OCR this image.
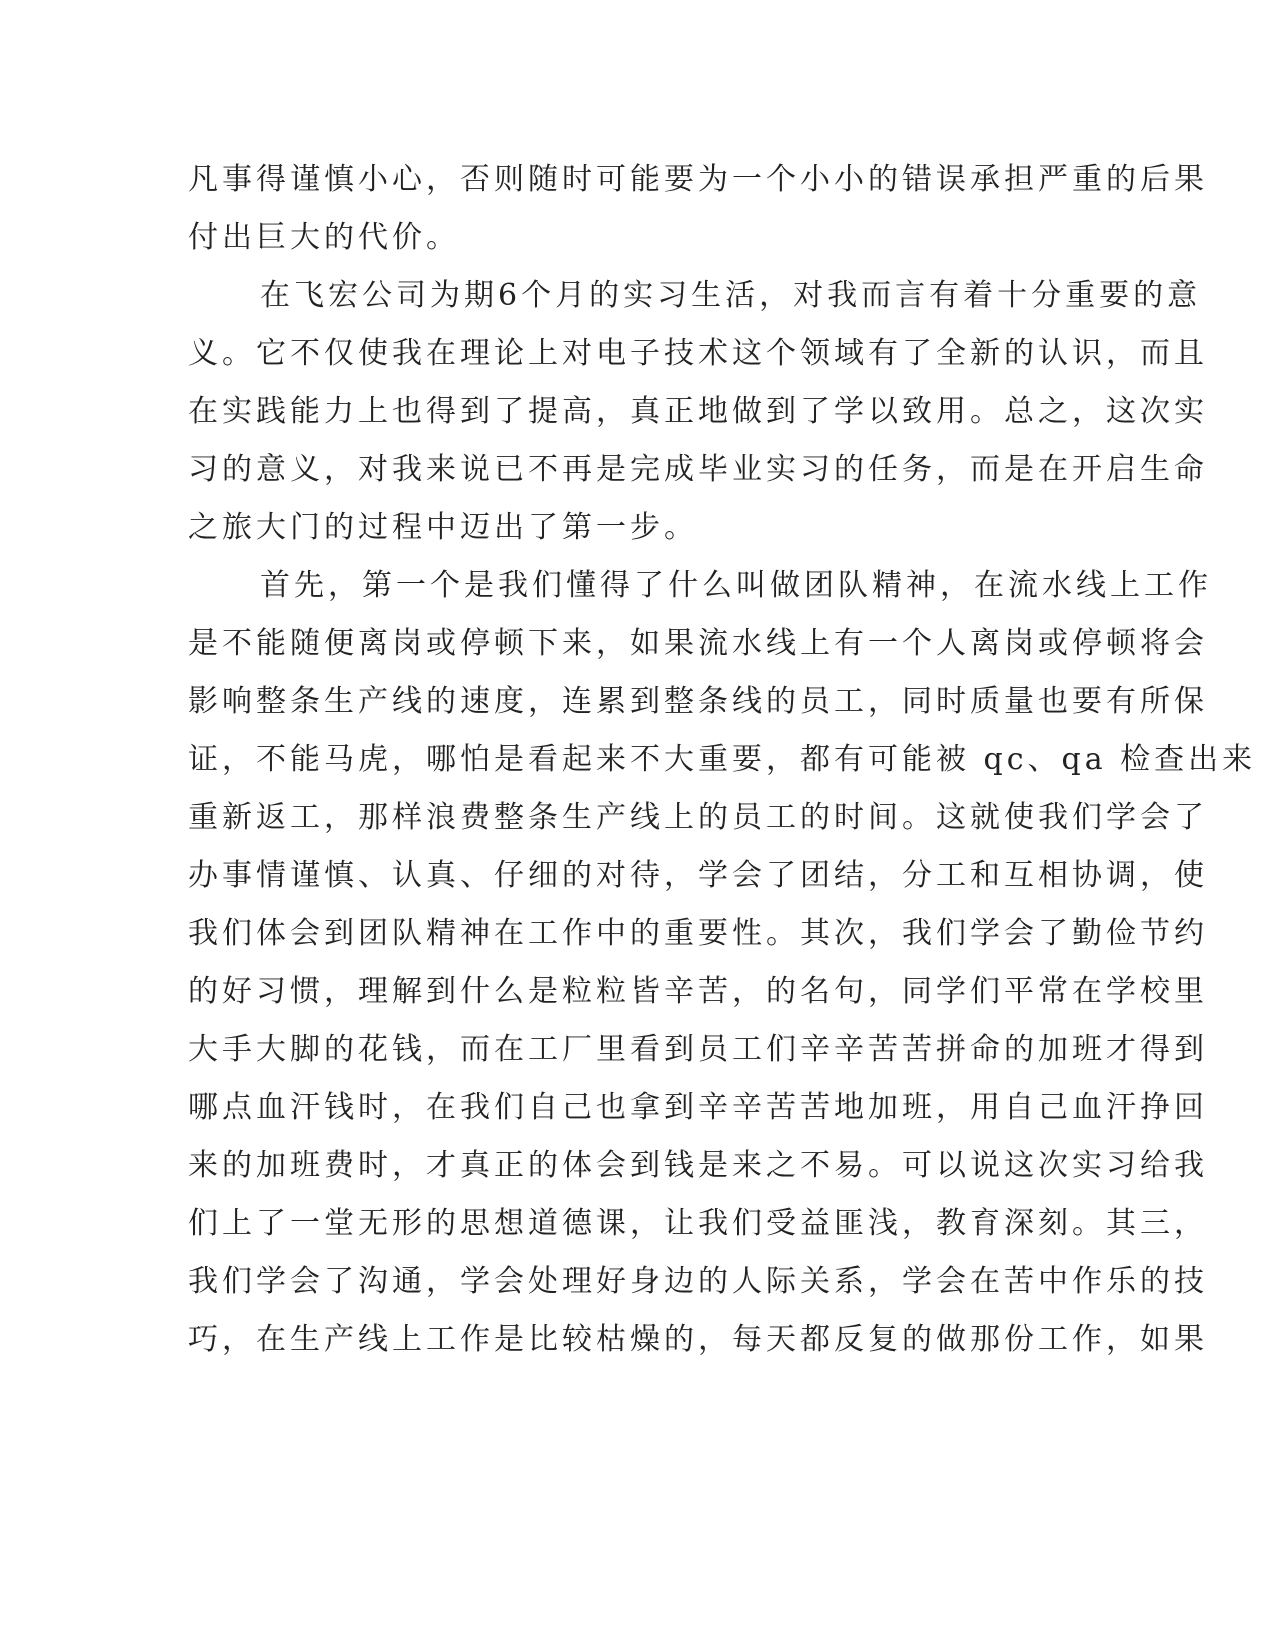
凡事得谨慎小心，否则随时可能要为一个小小的错误承担严重的后果
付出巨大的代价。
在飞宏公司为期6个月的实习生活，对我而言有着十分重要的意
义。它不仅使我在理论上对电子技术这个领域有了全新的认识，而且
在实践能力上也得到了提高，真正地做到了学以致用。总之，这次实
习的意义，对我来说已不再是完成毕业实习的任务，而是在开启生命
之旅大门的过程中迈出了第一步。
首先，第一个是我们懂得了什么叫做团队精神，在流水线上工作
是不能随便离岗或停顿下来，如果流水线上有一个人离岗或停顿将会
影响整条生产线的速度，连累到整条线的员工，同时质量也要有所保
证，不能马虎，哪怕是看起来不大重要，都有可能被 qc、qa 检查出来
重新返工，那样浪费整条生产线上的员工的时间。这就使我们学会了
办事情谨慎、认真、仔细的对待，学会了团结，分工和互相协调，使
我们体会到团队精神在工作中的重要性。其次，我们学会了勤俭节约
的好习惯，理解到什么是粒粒皆辛苦，的名句，同学们平常在学校里
大手大脚的花钱，而在工厂里看到员工们辛辛苦苦拼命的加班才得到
哪点血汗钱时，在我们自己也拿到辛辛苦苦地加班，用自己血汗挣回
来的加班费时，才真正的体会到钱是来之不易。可以说这次实习给我
们上了一堂无形的思想道德课，让我们受益匪浅，教育深刻。其三，
我们学会了沟通，学会处理好身边的人际关系，学会在苦中作乐的技
巧，在生产线上工作是比较枯燥的，每天都反复的做那份工作，如果
